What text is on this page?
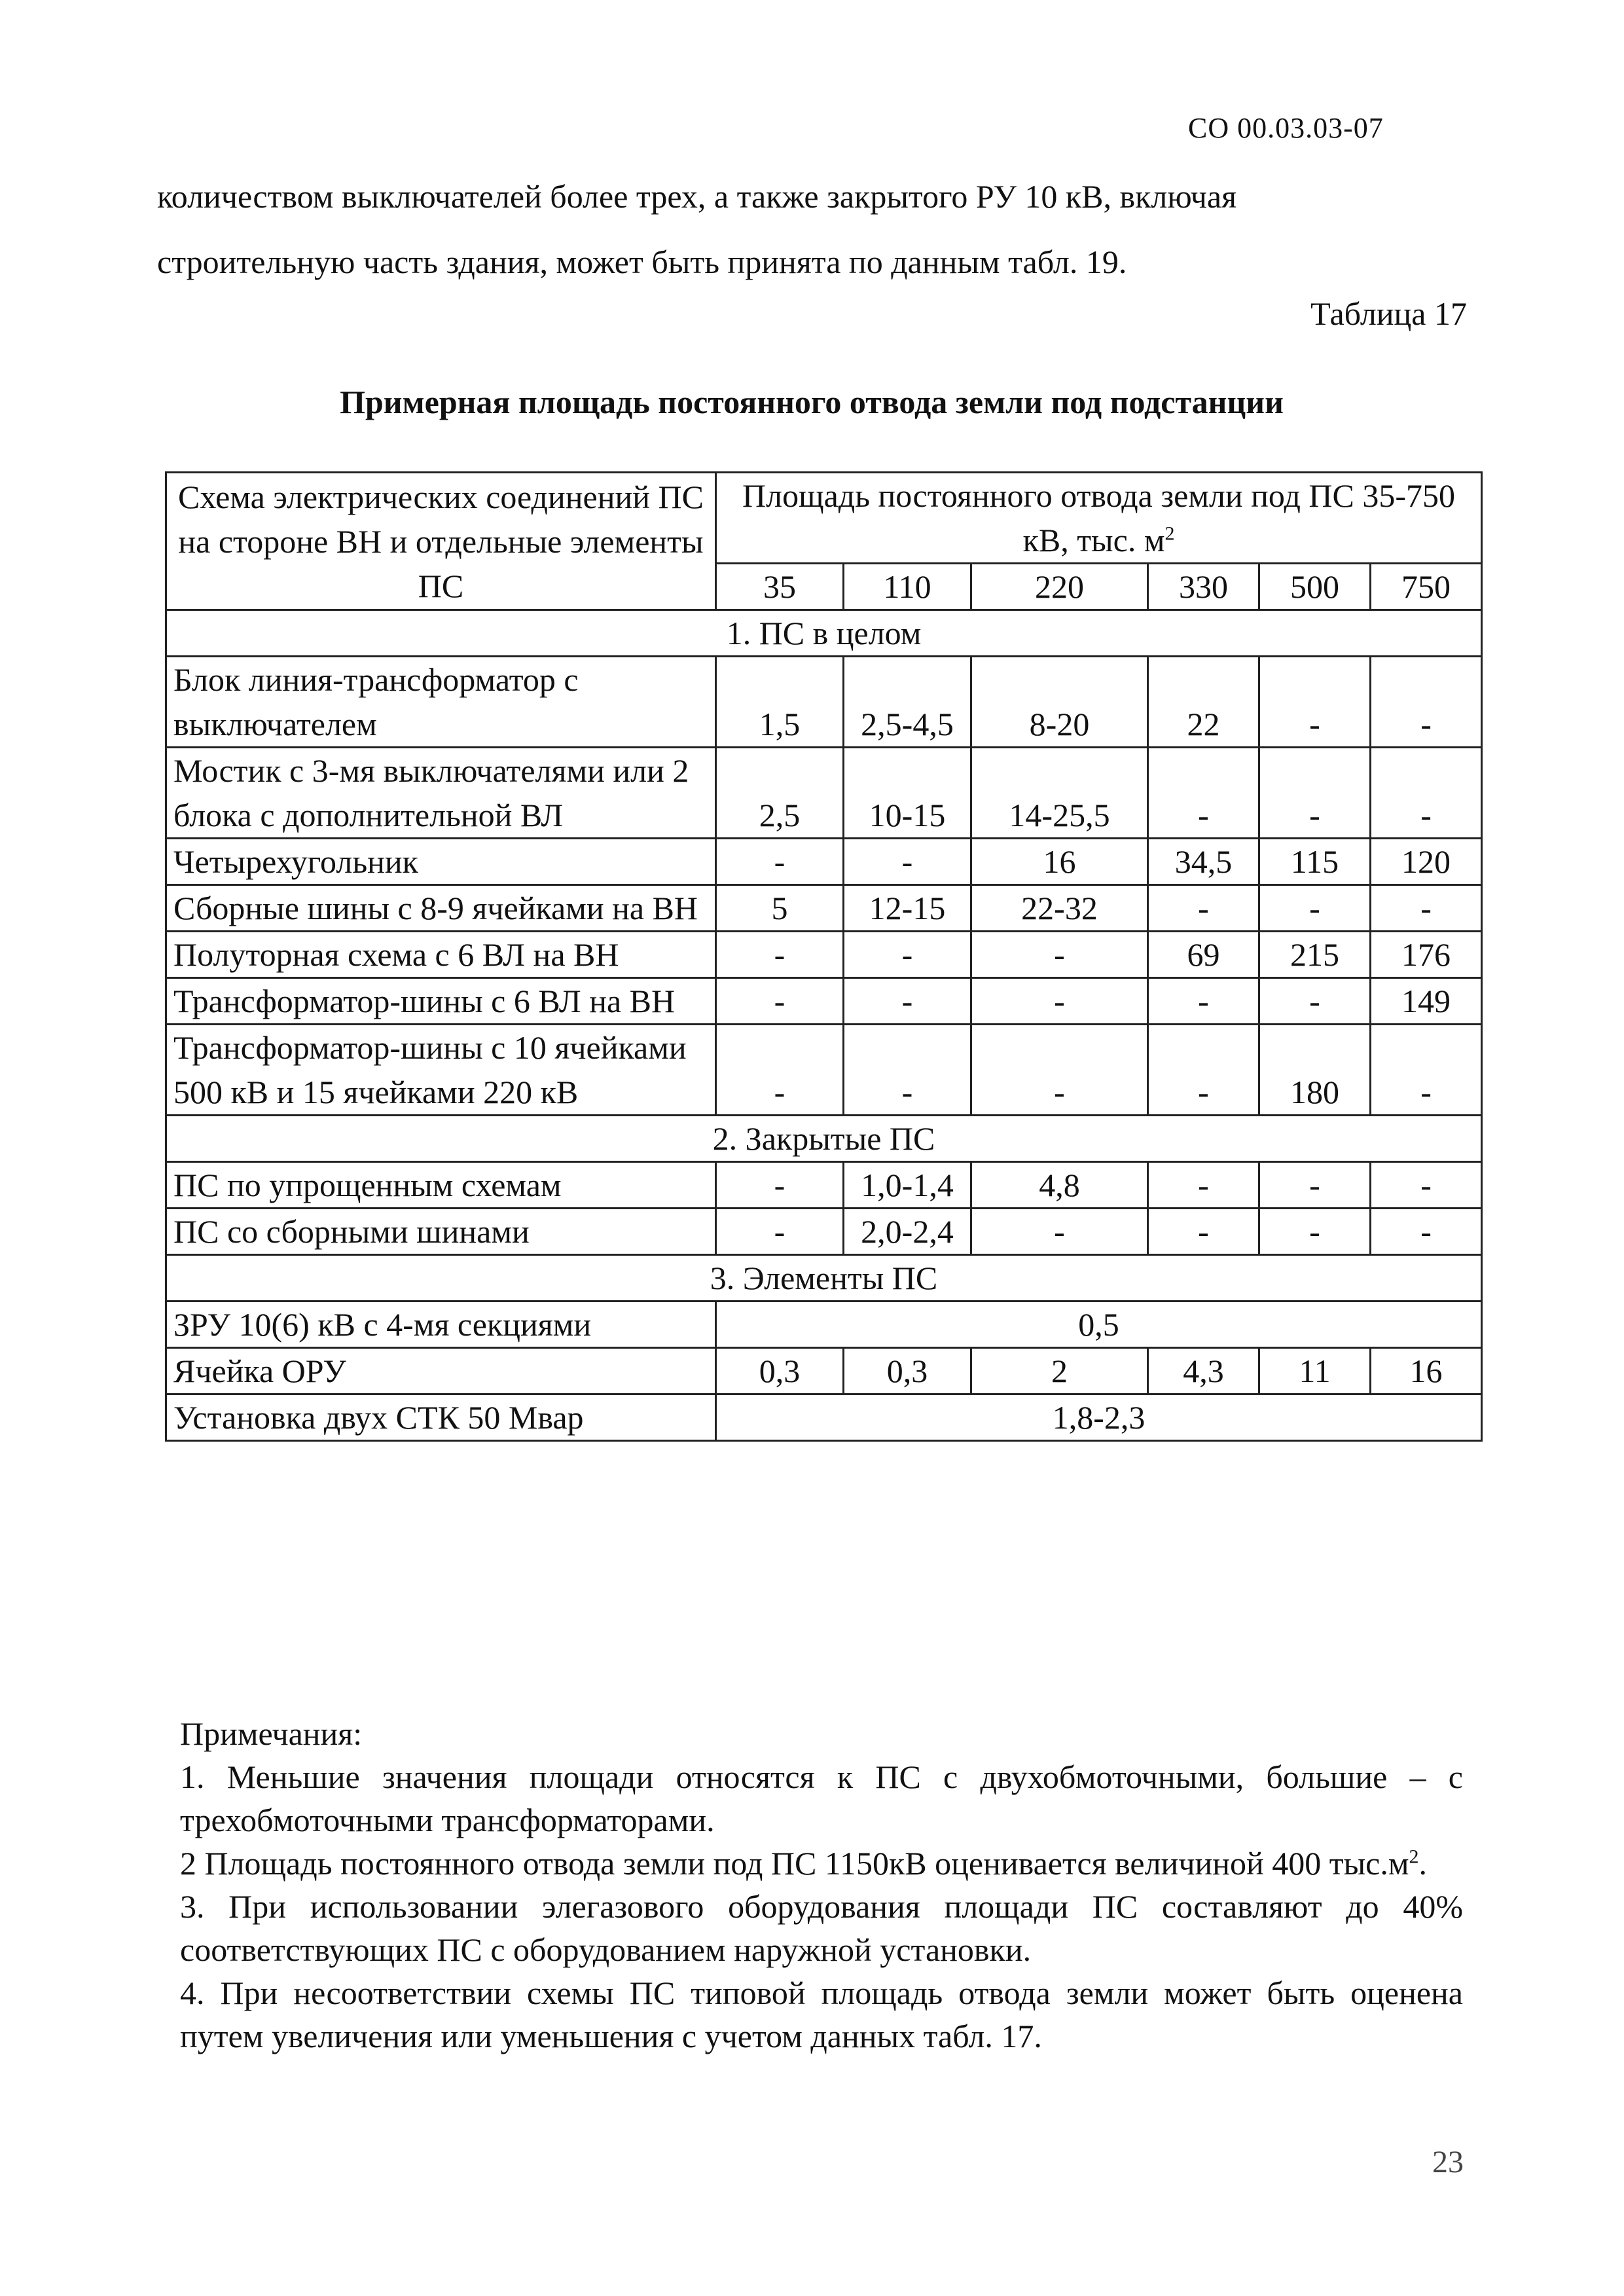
СО 00.03.03-07

количеством выключателей более трех, а также закрытого РУ 10 кВ, включая

строительную часть здания, может быть принята по данным табл. 19.

Таблица 17
Примерная площадь постоянного отвода земли под подстанции
Схема электрических соединений ПС на стороне ВН и отдельные элементы ПС	Площадь постоянного отвода земли под ПС 35-750 кВ, тыс. $м^2$
	35	110	220	330	500	750
1. ПС в целом						
Блок линия-трансформатор с выключателем	1,5	2,5-4,5	8-20	22	-	-
Мостик с 3-мя выключателями или 2 блока с дополнительной ВЛ	2,5	10-15	14-25,5	-	-	-
Четырехугольник	-	-	16	34,5	115	120
Сборные шины с 8-9 ячейками на ВН	5	12-15	22-32	-	-	-
Полуторная схема с 6 ВЛ на ВН	-	-	-	69	215	176
Трансформатор-шины с 6 ВЛ на ВН	-	-	-	-	-	149
Трансформатор-шины с 10 ячейками 500 кВ и 15 ячейками 220 кВ	-	-	-	-	180	-
2. Закрытые ПС						
ПС по упрощенным схемам	-	1,0-1,4	4,8	-	-	-
ПС со сборными шинами	-	2,0-2,4	-	-	-	-
3. Элементы ПС						
ЗРУ 10(6) кВ с 4-мя секциями	0,5					
Ячейка ОРУ	0,3	0,3	2	4,3	11	16
Установка двух СТК 50 Мвар	1,8-2,3					

Примечания:

1. Меньшие значения площади относятся к ПС с двухобмоточными, большие – с трехобмоточными трансформаторами.

2 Площадь постоянного отвода земли под ПС 1150кВ оценивается величиной 400 $тыс.м^2$.

3. При использовании элегазового оборудования площади ПС составляют до 40% соответствующих ПС с оборудованием наружной установки.

4. При несоответствии схемы ПС типовой площадь отвода земли может быть оценена путем увеличения или уменьшения с учетом данных табл. 17.

23
